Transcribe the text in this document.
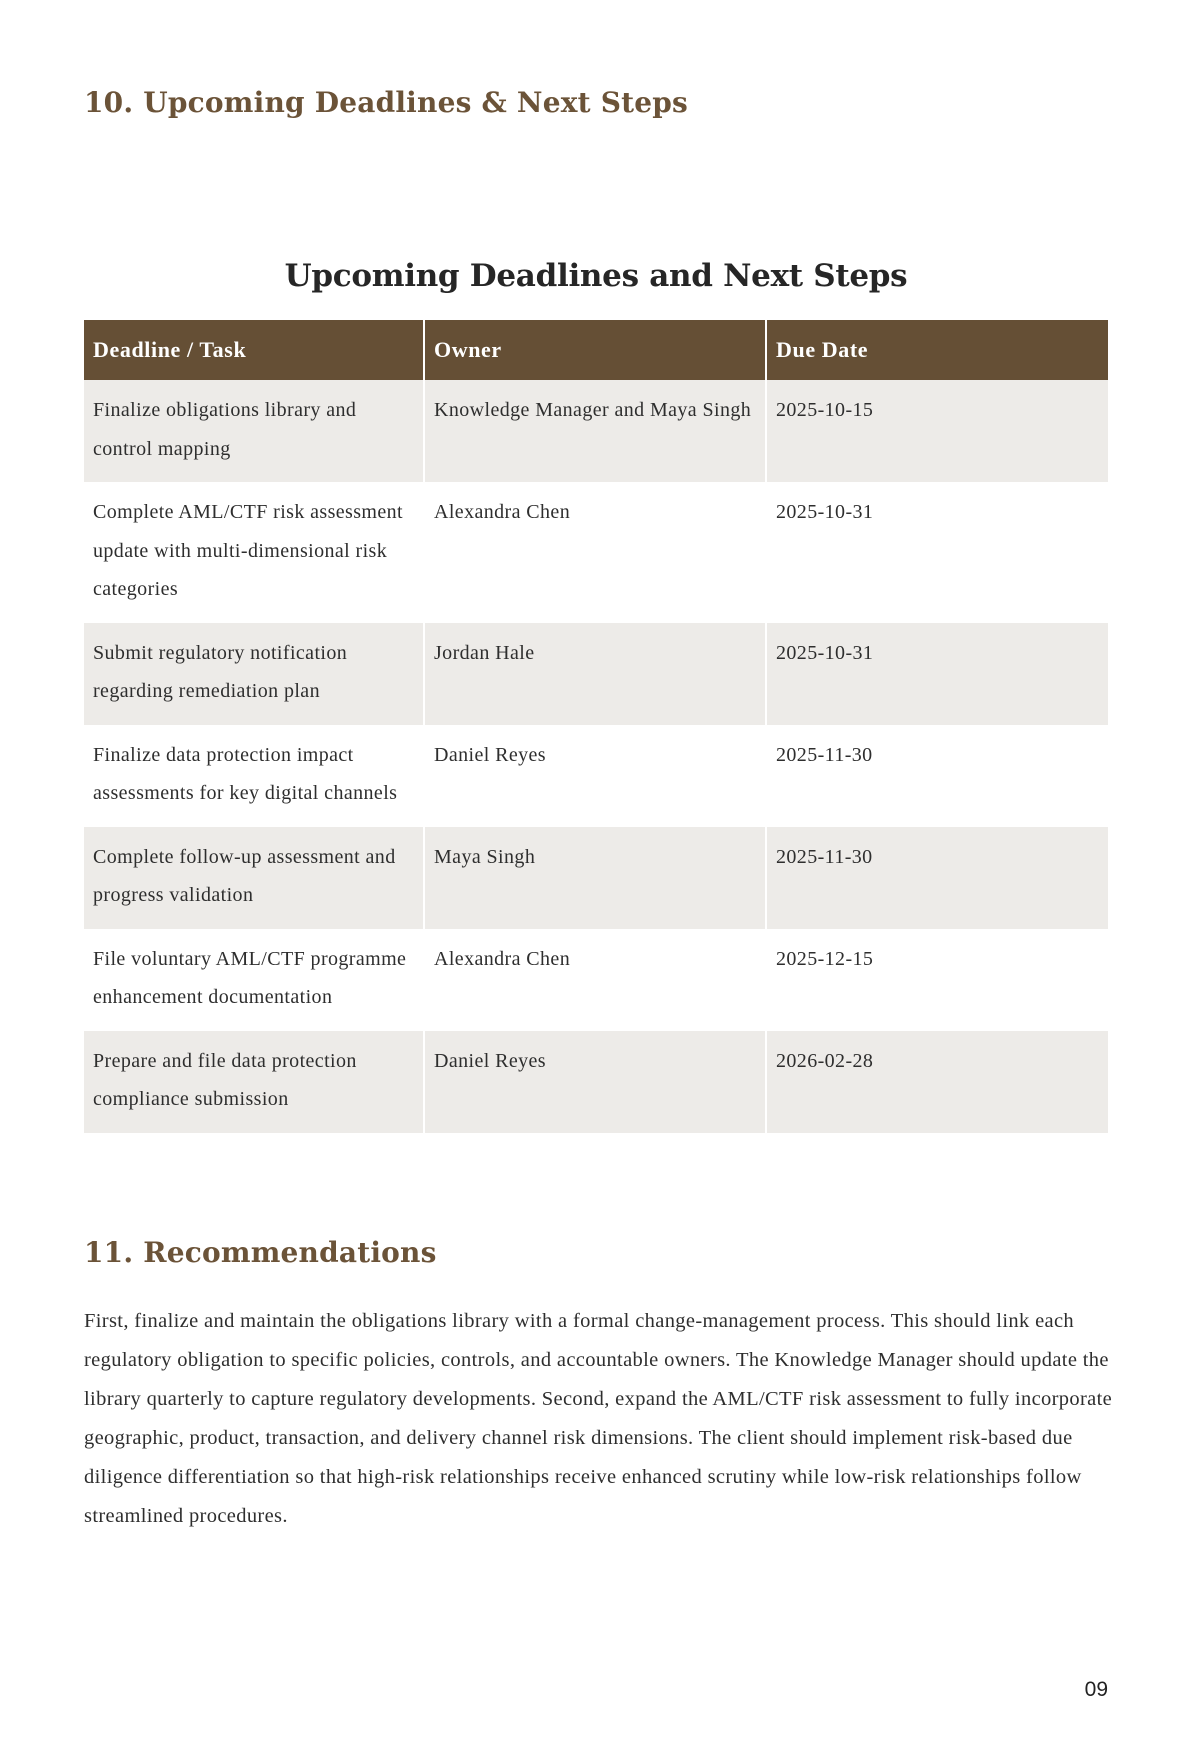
10. Upcoming Deadlines & Next Steps
Upcoming Deadlines and Next Steps
Deadline / Task	Owner	Due Date
Finalize obligations library and control mapping	Knowledge Manager and Maya Singh	2025-10-15
Complete AML/CTF risk assessment update with multi-dimensional risk categories	Alexandra Chen	2025-10-31
Submit regulatory notification regarding remediation plan	Jordan Hale	2025-10-31
Finalize data protection impact assessments for key digital channels	Daniel Reyes	2025-11-30
Complete follow-up assessment and progress validation	Maya Singh	2025-11-30
File voluntary AML/CTF programme enhancement documentation	Alexandra Chen	2025-12-15
Prepare and file data protection compliance submission	Daniel Reyes	2026-02-28
11. Recommendations

First, finalize and maintain the obligations library with a formal change-management process. This should link each regulatory obligation to specific policies, controls, and accountable owners. The Knowledge Manager should update the library quarterly to capture regulatory developments. Second, expand the AML/CTF risk assessment to fully incorporate geographic, product, transaction, and delivery channel risk dimensions. The client should implement risk-based due diligence differentiation so that high-risk relationships receive enhanced scrutiny while low-risk relationships follow streamlined procedures.

09
